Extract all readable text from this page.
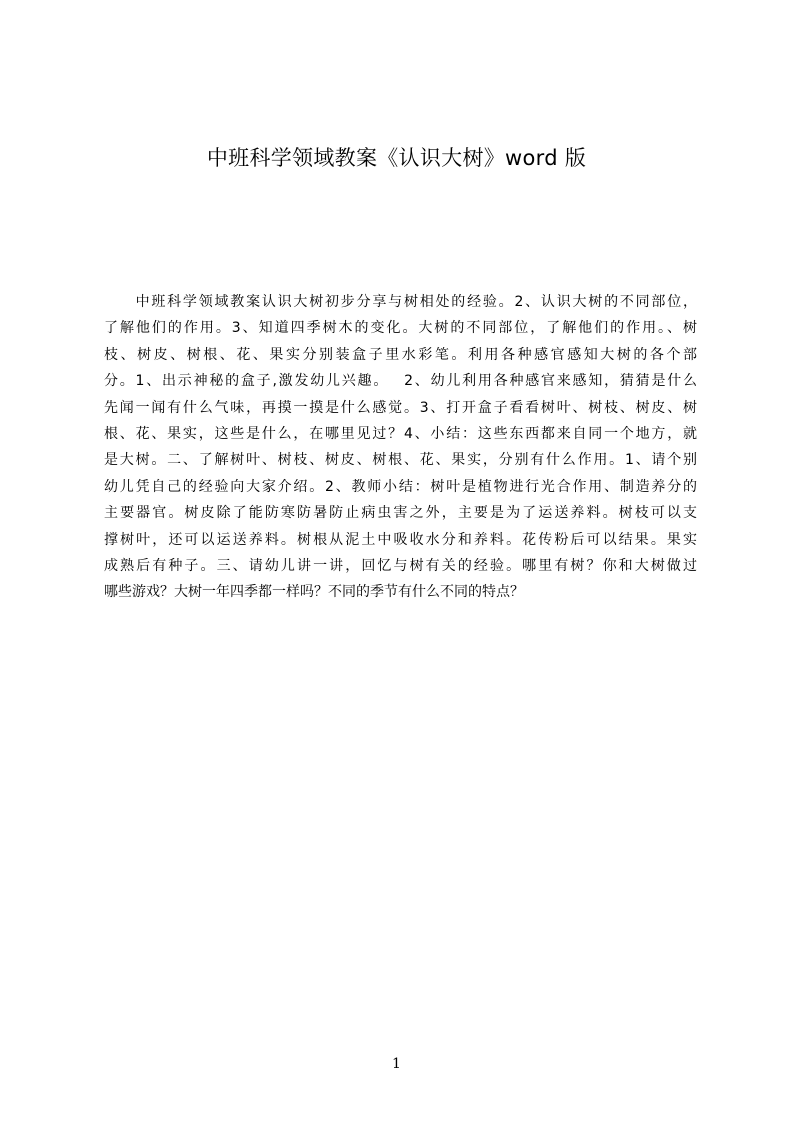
中班科学领域教案《认识大树》word 版
　　中班科学领域教案认识大树初步分享与树相处的经验。2、认识大树的不同部位，
了解他们的作用。3、知道四季树木的变化。大树的不同部位，了解他们的作用。、树
枝、树皮、树根、花、果实分别装盒子里水彩笔。利用各种感官感知大树的各个部
分。1、出示神秘的盒子,激发幼儿兴趣。　 2、幼儿利用各种感官来感知，猜猜是什么
先闻一闻有什么气味，再摸一摸是什么感觉。3、打开盒子看看树叶、树枝、树皮、树
根、花、果实，这些是什么，在哪里见过？4、小结：这些东西都来自同一个地方，就
是大树。二、了解树叶、树枝、树皮、树根、花、果实，分别有什么作用。1、请个别
幼儿凭自己的经验向大家介绍。2、教师小结：树叶是植物进行光合作用、制造养分的
主要器官。树皮除了能防寒防暑防止病虫害之外，主要是为了运送养料。树枝可以支
撑树叶，还可以运送养料。树根从泥土中吸收水分和养料。花传粉后可以结果。果实
成熟后有种子。三、请幼儿讲一讲，回忆与树有关的经验。哪里有树？你和大树做过
哪些游戏？大树一年四季都一样吗？不同的季节有什么不同的特点？
1
